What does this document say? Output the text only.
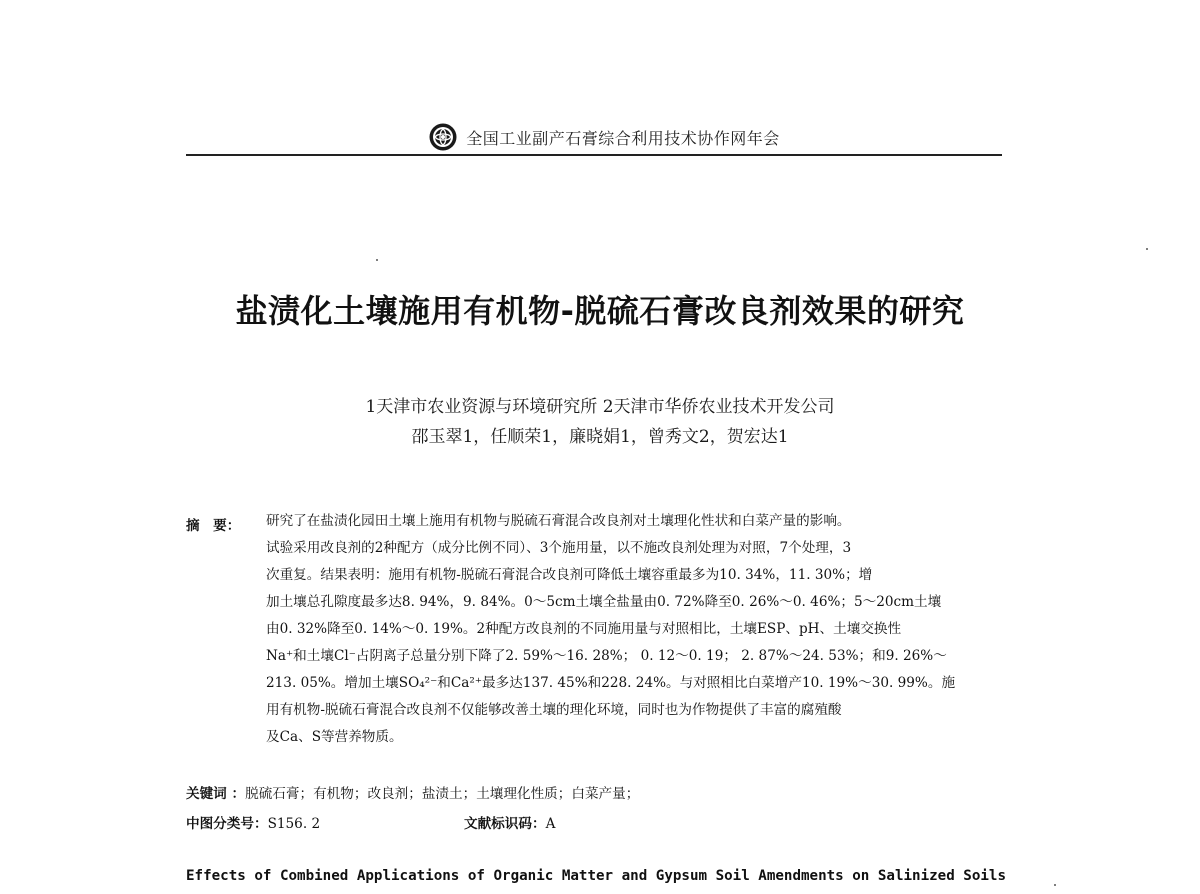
全国工业副产石膏综合利用技术协作网年会
盐渍化土壤施用有机物-脱硫石膏改良剂效果的研究
1天津市农业资源与环境研究所 2天津市华侨农业技术开发公司
邵玉翠1，任顺荣1，廉晓娟1，曾秀文2，贺宏达1
摘　要： 研究了在盐渍化园田土壤上施用有机物与脱硫石膏混合改良剂对土壤理化性状和白菜产量的影响。
试验采用改良剂的2种配方（成分比例不同）、3个施用量，以不施改良剂处理为对照，7个处理，3
次重复。结果表明：施用有机物-脱硫石膏混合改良剂可降低土壤容重最多为10. 34%，11. 30%；增
加土壤总孔隙度最多达8. 94%，9. 84%。0～5cm土壤全盐量由0. 72%降至0. 26%～0. 46%；5～20cm土壤
由0. 32%降至0. 14%～0. 19%。2种配方改良剂的不同施用量与对照相比，土壤ESP、pH、土壤交换性
Na⁺和土壤Cl⁻占阴离子总量分别下降了2. 59%～16. 28%； 0. 12～0. 19； 2. 87%～24. 53%；和9. 26%～
213. 05%。增加土壤SO₄²⁻和Ca²⁺最多达137. 45%和228. 24%。与对照相比白菜增产10. 19%～30. 99%。施
用有机物-脱硫石膏混合改良剂不仅能够改善土壤的理化环境，同时也为作物提供了丰富的腐殖酸
及Ca、S等营养物质。
关键词 ：脱硫石膏；有机物；改良剂；盐渍土；土壤理化性质；白菜产量；
中图分类号：S156. 2	文献标识码：A
Effects of Combined Applications of Organic Matter and Gypsum Soil Amendments on Salinized Soils
